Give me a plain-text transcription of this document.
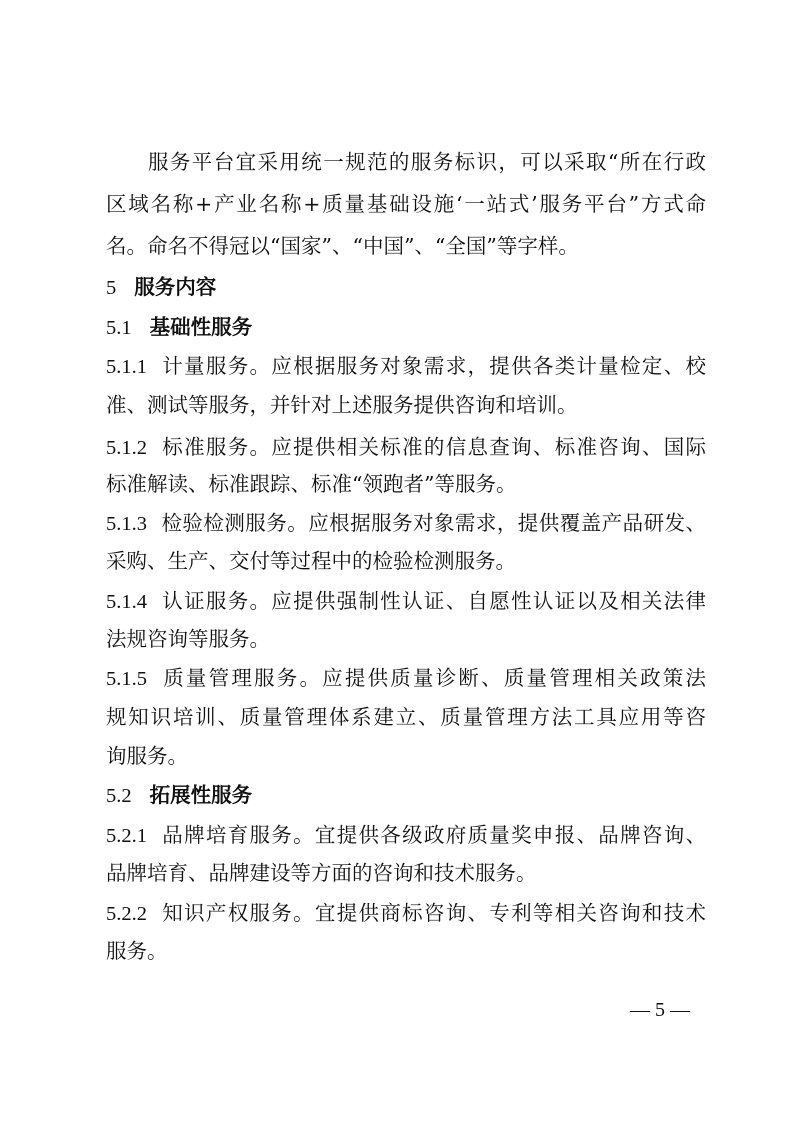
服务平台宜采用统一规范的服务标识，可以采取“所在行政
区域名称+产业名称+质量基础设施‘一站式’服务平台”方式命
名。命名不得冠以“国家”、“中国”、“全国”等字样。
5 服务内容
5.1 基础性服务
5.1.1 计量服务。应根据服务对象需求，提供各类计量检定、校
准、测试等服务，并针对上述服务提供咨询和培训。
5.1.2 标准服务。应提供相关标准的信息查询、标准咨询、国际
标准解读、标准跟踪、标准“领跑者”等服务。
5.1.3 检验检测服务。应根据服务对象需求，提供覆盖产品研发、
采购、生产、交付等过程中的检验检测服务。
5.1.4 认证服务。应提供强制性认证、自愿性认证以及相关法律
法规咨询等服务。
5.1.5 质量管理服务。应提供质量诊断、质量管理相关政策法
规知识培训、质量管理体系建立、质量管理方法工具应用等咨
询服务。
5.2 拓展性服务
5.2.1 品牌培育服务。宜提供各级政府质量奖申报、品牌咨询、
品牌培育、品牌建设等方面的咨询和技术服务。
5.2.2 知识产权服务。宜提供商标咨询、专利等相关咨询和技术
服务。
— 5 —
